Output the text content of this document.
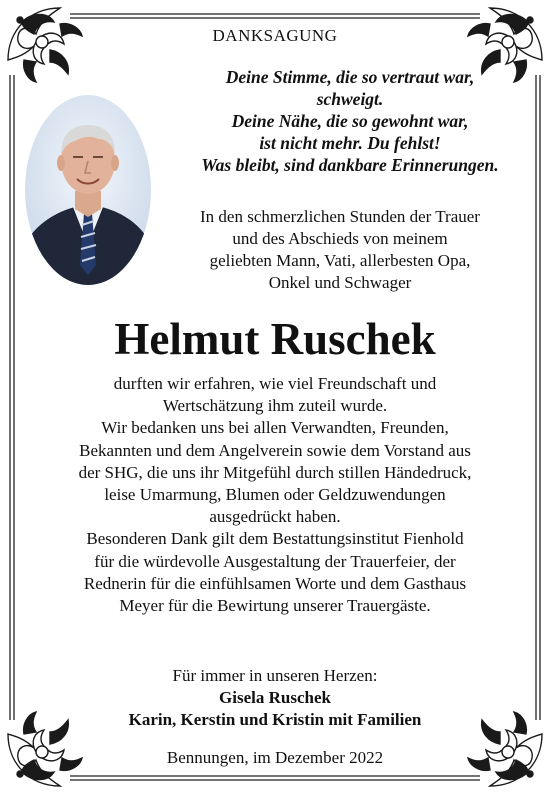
DANKSAGUNG
Deine Stimme, die so vertraut war,
schweigt.
Deine Nähe, die so gewohnt war,
ist nicht mehr. Du fehlst!
Was bleibt, sind dankbare Erinnerungen.
In den schmerzlichen Stunden der Trauer
und des Abschieds von meinem
geliebten Mann, Vati, allerbesten Opa,
Onkel und Schwager
Helmut Ruschek
durften wir erfahren, wie viel Freundschaft und
Wertschätzung ihm zuteil wurde.
Wir bedanken uns bei allen Verwandten, Freunden,
Bekannten und dem Angelverein sowie dem Vorstand aus
der SHG, die uns ihr Mitgefühl durch stillen Händedruck,
leise Umarmung, Blumen oder Geldzuwendungen
ausgedrückt haben.
Besonderen Dank gilt dem Bestattungsinstitut Fienhold
für die würdevolle Ausgestaltung der Trauerfeier, der
Rednerin für die einfühlsamen Worte und dem Gasthaus
Meyer für die Bewirtung unserer Trauergäste.
Für immer in unseren Herzen:
Gisela Ruschek
Karin, Kerstin und Kristin mit Familien
Bennungen, im Dezember 2022
